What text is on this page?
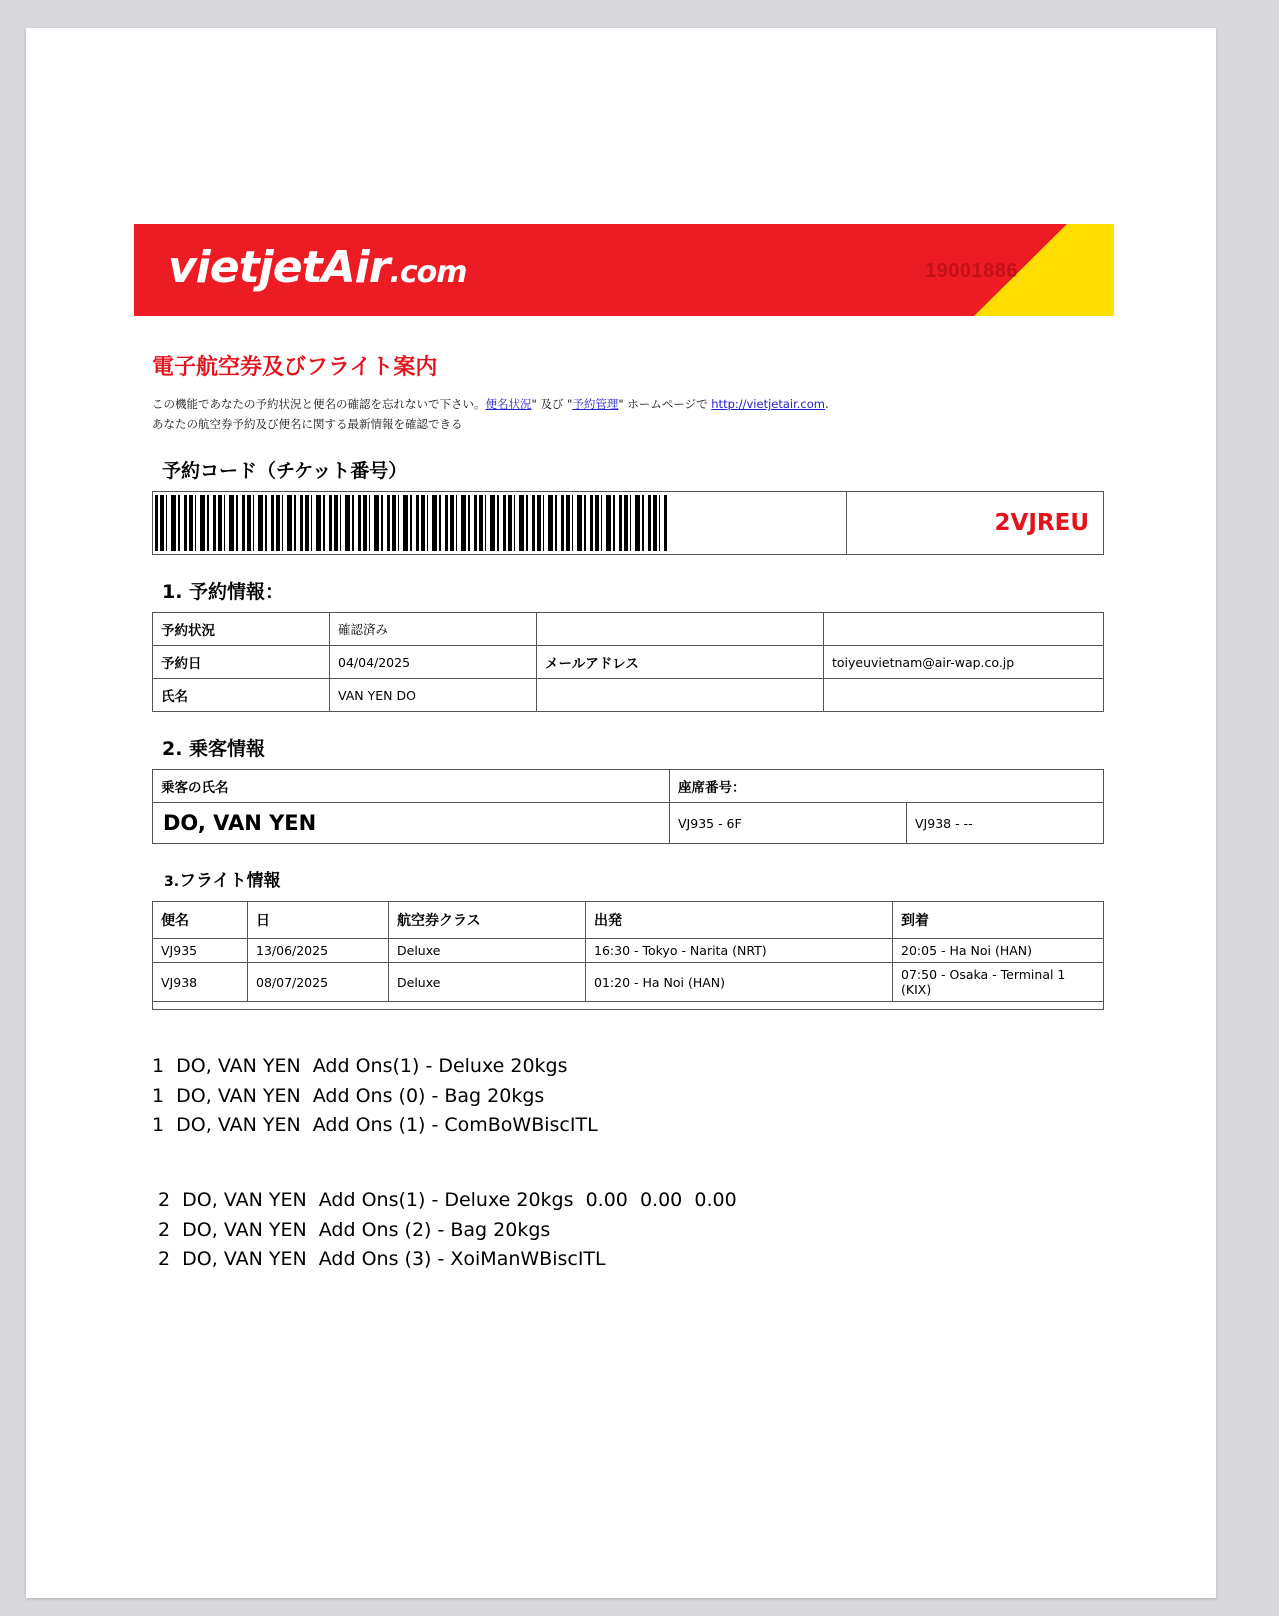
vietjetAir.com	19001886
電子航空券及びフライト案内
この機能であなたの予約状況と便名の確認を忘れないで下さい。便名状況" 及び "予約管理" ホームページで http://vietjetair.com.
あなたの航空券予約及び便名に関する最新情報を確認できる
予約コード（チケット番号）
2VJREU
1. 予約情報：
予約状況	確認済み		
予約日	04/04/2025	メールアドレス	toiyeuvietnam@air-wap.co.jp
氏名	VAN YEN DO		
2. 乗客情報
乗客の氏名	座席番号：	
DO, VAN YEN	VJ935 - 6F	VJ938 - --
3.フライト情報
便名	日	航空券クラス	出発	到着
VJ935	13/06/2025	Deluxe	16:30 - Tokyo - Narita (NRT)	20:05 - Ha Noi (HAN)
VJ938	08/07/2025	Deluxe	01:20 - Ha Noi (HAN)	07:50 - Osaka - Terminal 1 (KIX)
1  DO, VAN YEN  Add Ons(1) - Deluxe 20kgs
1  DO, VAN YEN  Add Ons (0) - Bag 20kgs
1  DO, VAN YEN  Add Ons (1) - ComBoWBiscITL
2  DO, VAN YEN  Add Ons(1) - Deluxe 20kgs  0.00  0.00  0.00
2  DO, VAN YEN  Add Ons (2) - Bag 20kgs
2  DO, VAN YEN  Add Ons (3) - XoiManWBiscITL
